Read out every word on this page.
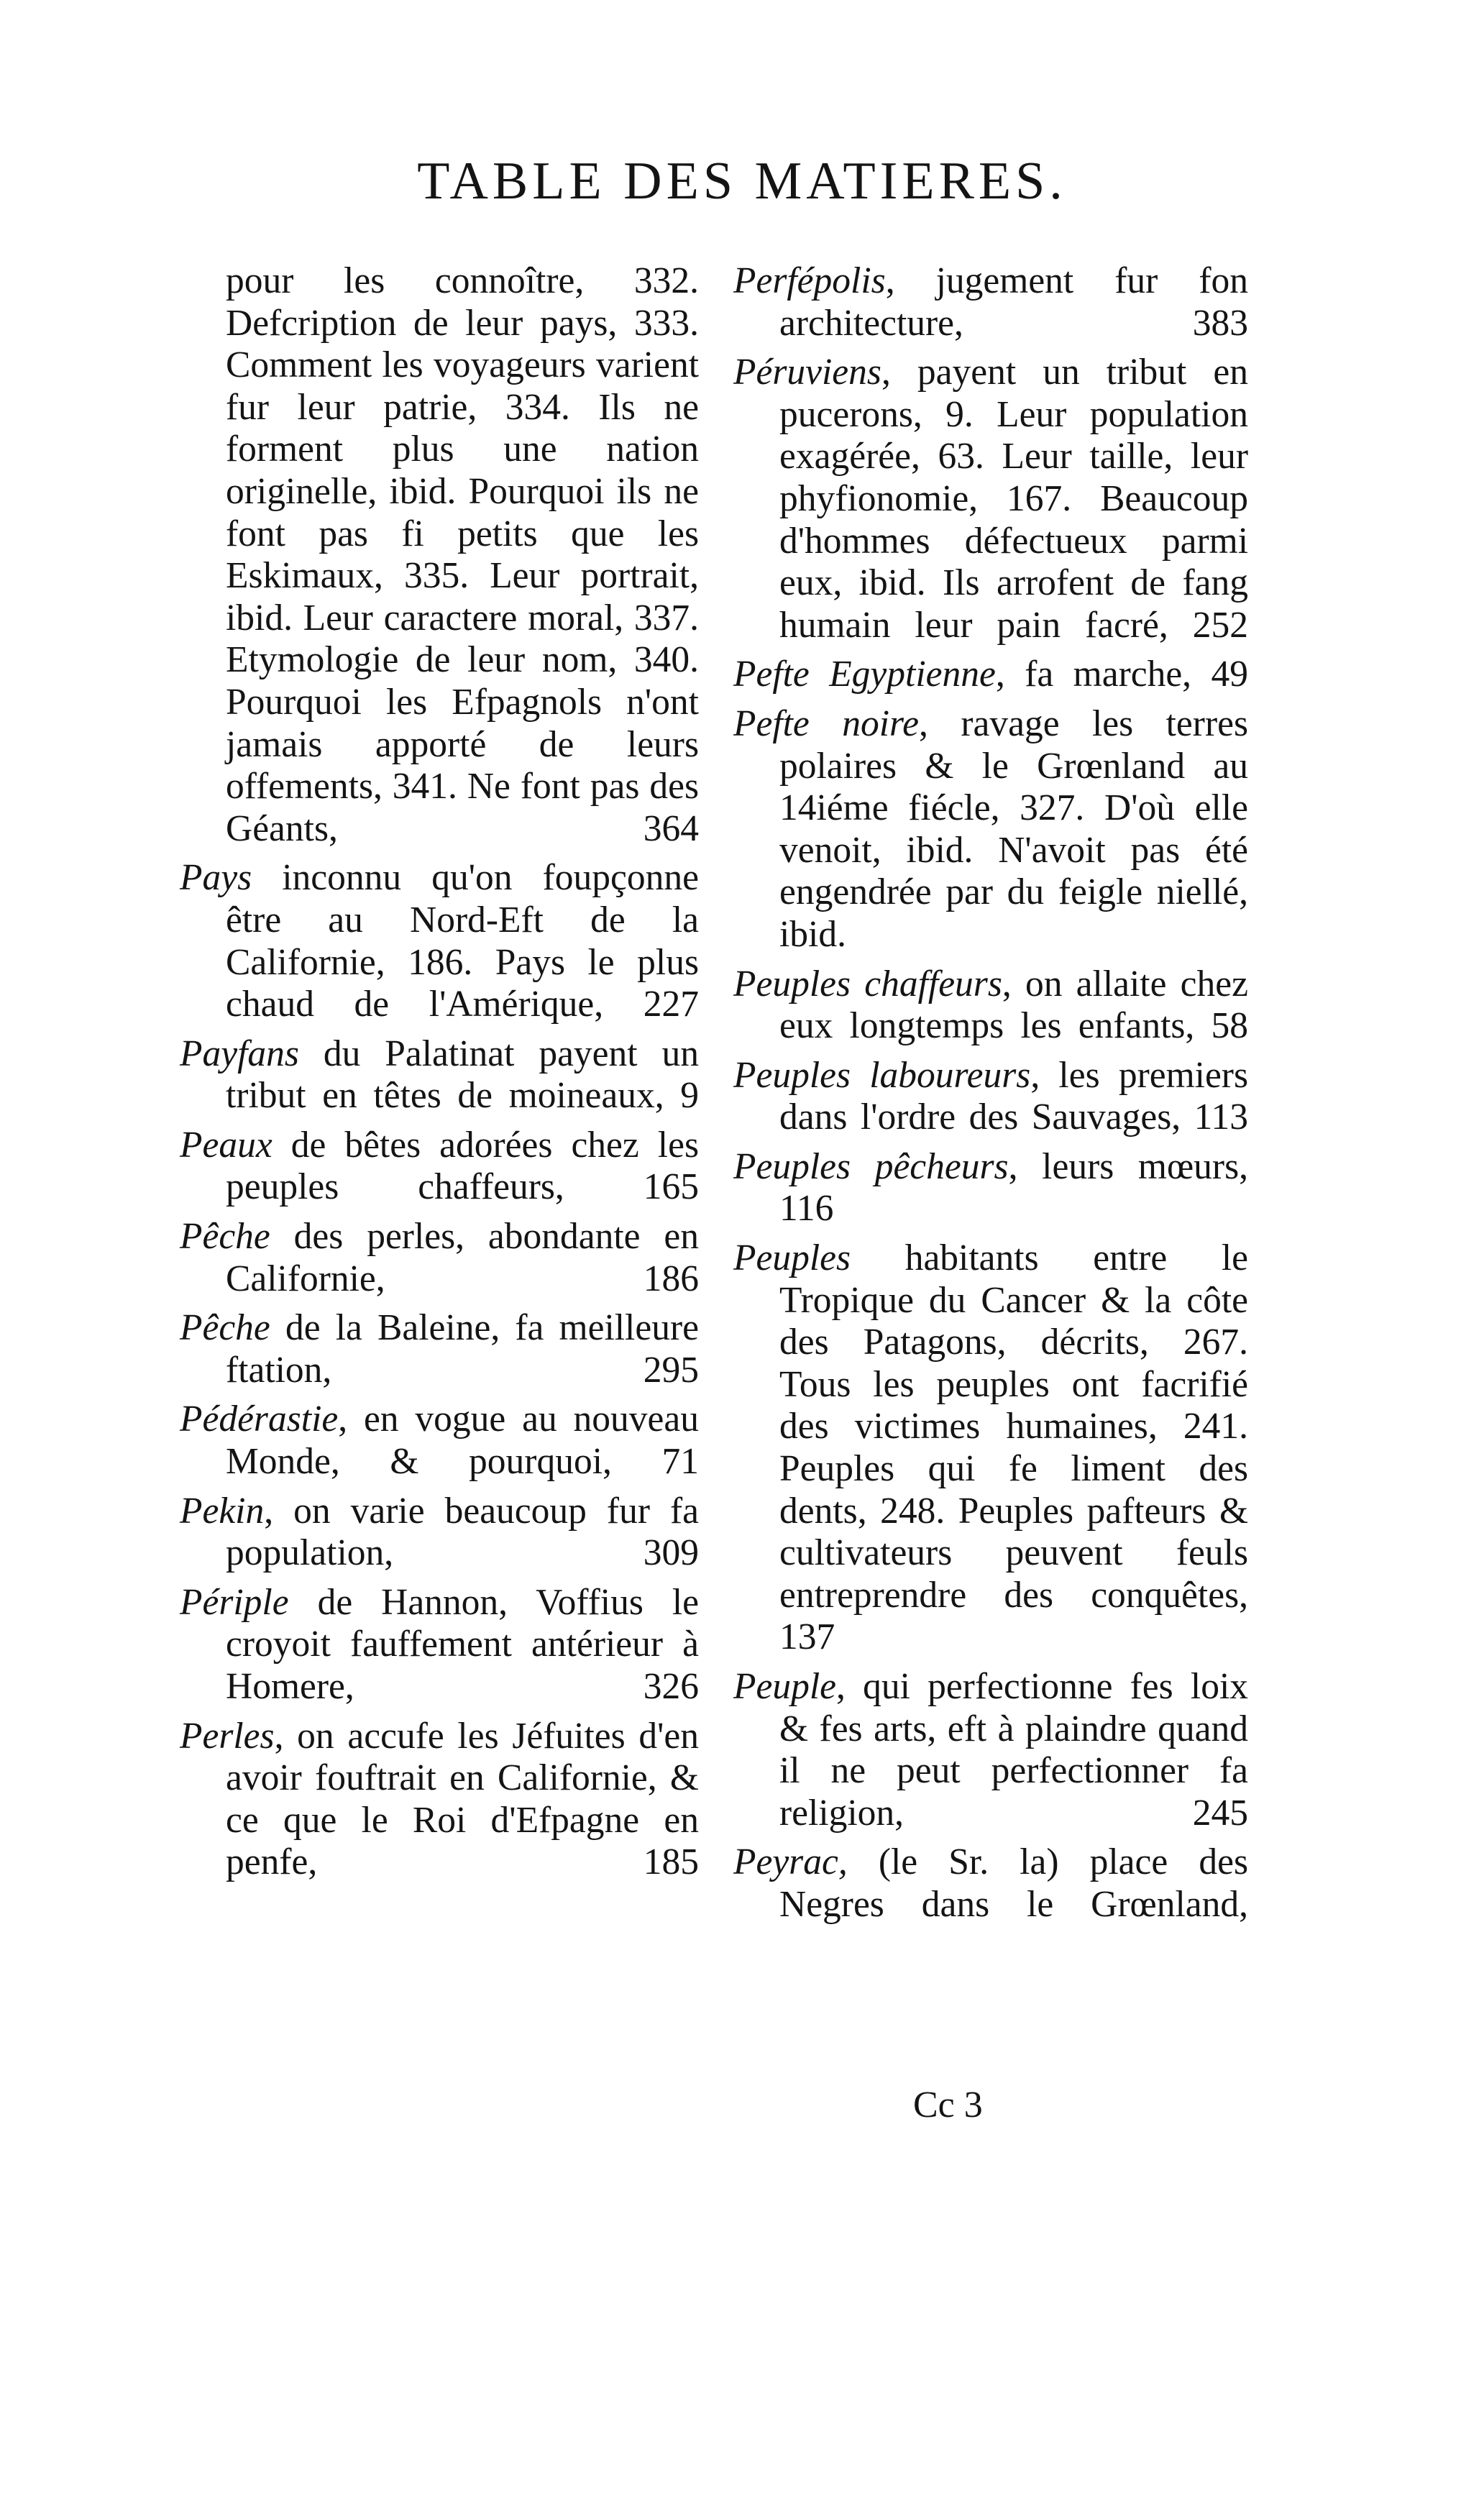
TABLE DES MATIERES.
pour les connoître, 332. Defcription de leur pays, 333. Comment les voyageurs varient fur leur patrie, 334. Ils ne forment plus une nation originelle, ibid. Pourquoi ils ne font pas fi petits que les Eskimaux, 335. Leur portrait, ibid. Leur caractere moral, 337. Etymologie de leur nom, 340. Pourquoi les Efpagnols n'ont jamais apporté de leurs offements, 341. Ne font pas des Géants, 364
Pays inconnu qu'on foupçonne être au Nord-Eft de la Californie, 186. Pays le plus chaud de l'Amérique, 227
Payfans du Palatinat payent un tribut en têtes de moineaux, 9
Peaux de bêtes adorées chez les peuples chaffeurs, 165
Pêche des perles, abondante en Californie, 186
Pêche de la Baleine, fa meilleure ftation, 295
Pédérastie, en vogue au nouveau Monde, & pourquoi, 71
Pekin, on varie beaucoup fur fa population, 309
Périple de Hannon, Voffius le croyoit fauffement antérieur à Homere, 326
Perles, on accufe les Jéfuites d'en avoir fouftrait en Californie, & ce que le Roi d'Efpagne en penfe, 185
Perfépolis, jugement fur fon architecture, 383
Péruviens, payent un tribut en pucerons, 9. Leur population exagérée, 63. Leur taille, leur phyfionomie, 167. Beaucoup d'hommes défectueux parmi eux, ibid. Ils arrofent de fang humain leur pain facré, 252
Pefte Egyptienne, fa marche, 49
Pefte noire, ravage les terres polaires & le Grœnland au 14iéme fiécle, 327. D'où elle venoit, ibid. N'avoit pas été engendrée par du feigle niellé, ibid.
Peuples chaffeurs, on allaite chez eux longtemps les enfants, 58
Peuples laboureurs, les premiers dans l'ordre des Sauvages, 113
Peuples pêcheurs, leurs mœurs, 116
Peuples habitants entre le Tropique du Cancer & la côte des Patagons, décrits, 267. Tous les peuples ont facrifié des victimes humaines, 241. Peuples qui fe liment des dents, 248. Peuples pafteurs & cultivateurs peuvent feuls entreprendre des conquêtes, 137
Peuple, qui perfectionne fes loix & fes arts, eft à plaindre quand il ne peut perfectionner fa religion, 245
Peyrac, (le Sr. la) place des Negres dans le Grœnland,

Cc 3
